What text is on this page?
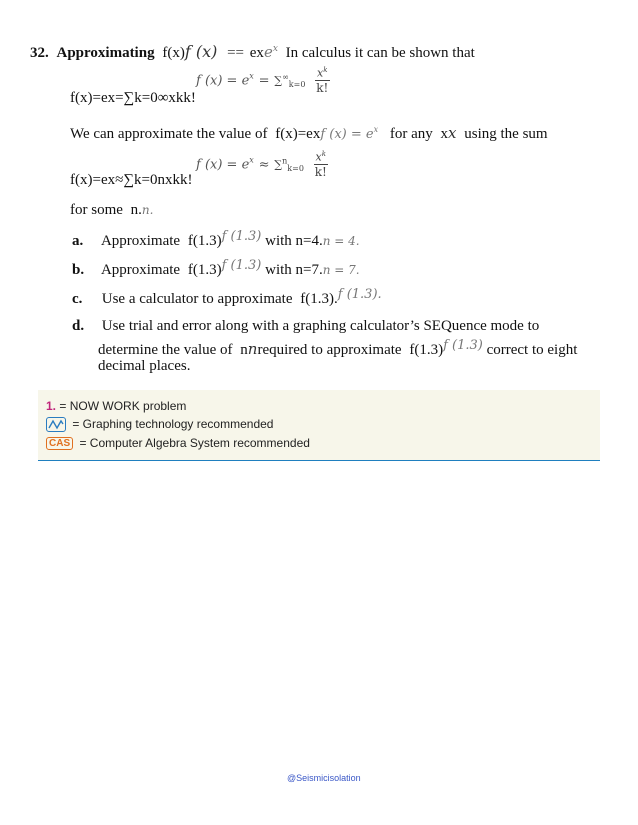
32. Approximating f(x)f (x) == exe$^x$ In calculus it can be shown that
f(x)=ex=∑k=0∞xkk!
f $(x) = e^x = \sum^\infty_{k=0} \frac{x^k}{k!}$
We can approximate the value of f(x)=exf $(x) = e^x$ for any xx using the sum
f(x)=ex≈∑k=0nxkk!
f $(x) = e^x \approx \sum^n_{k=0} \frac{x^k}{k!}$
for some n.n.
a. Approximate f(1.3)f (1.3) with n=4.n = 4.
b. Approximate f(1.3)f (1.3) with n=7.n = 7.
c. Use a calculator to approximate f(1.3).f (1.3).
d. Use trial and error along with a graphing calculator’s SEQuence mode to
determine the value of nnrequired to approximate f(1.3)f (1.3) correct to eight
decimal places.
1. = NOW WORK problem
= Graphing technology recommended
CAS = Computer Algebra System recommended
@Seismicisolation
